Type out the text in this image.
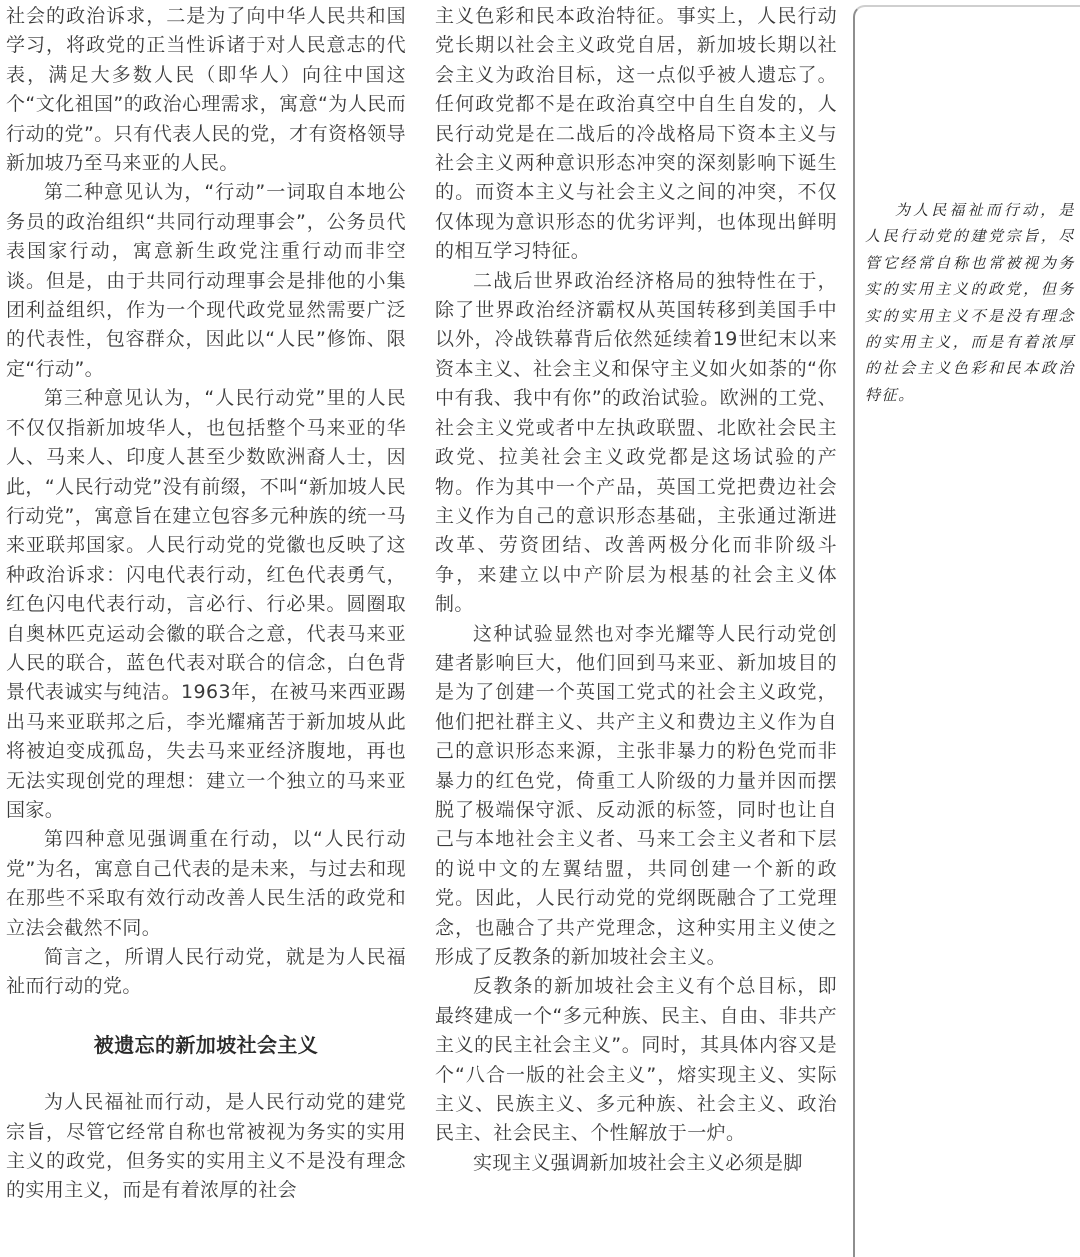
社会的政治诉求，二是为了向中华人民共和国学习，将政党的正当性诉诸于对人民意志的代表，满足大多数人民（即华人）向往中国这个“文化祖国”的政治心理需求，寓意“为人民而行动的党”。只有代表人民的党，才有资格领导新加坡乃至马来亚的人民。

第二种意见认为，“行动”一词取自本地公务员的政治组织“共同行动理事会”，公务员代表国家行动，寓意新生政党注重行动而非空谈。但是，由于共同行动理事会是排他的小集团利益组织，作为一个现代政党显然需要广泛的代表性，包容群众，因此以“人民”修饰、限定“行动”。

第三种意见认为，“人民行动党”里的人民不仅仅指新加坡华人，也包括整个马来亚的华人、马来人、印度人甚至少数欧洲裔人士，因此，“人民行动党”没有前缀，不叫“新加坡人民行动党”，寓意旨在建立包容多元种族的统一马来亚联邦国家。人民行动党的党徽也反映了这种政治诉求：闪电代表行动，红色代表勇气，红色闪电代表行动，言必行、行必果。圆圈取自奥林匹克运动会徽的联合之意，代表马来亚人民的联合，蓝色代表对联合的信念，白色背景代表诚实与纯洁。1963年，在被马来西亚踢出马来亚联邦之后，李光耀痛苦于新加坡从此将被迫变成孤岛，失去马来亚经济腹地，再也无法实现创党的理想：建立一个独立的马来亚国家。

第四种意见强调重在行动，以“人民行动党”为名，寓意自己代表的是未来，与过去和现在那些不采取有效行动改善人民生活的政党和立法会截然不同。

简言之，所谓人民行动党，就是为人民福祉而行动的党。

被遗忘的新加坡社会主义

为人民福祉而行动，是人民行动党的建党宗旨，尽管它经常自称也常被视为务实的实用主义的政党，但务实的实用主义不是没有理念的实用主义，而是有着浓厚的社会

主义色彩和民本政治特征。事实上，人民行动党长期以社会主义政党自居，新加坡长期以社会主义为政治目标，这一点似乎被人遗忘了。任何政党都不是在政治真空中自生自发的，人民行动党是在二战后的冷战格局下资本主义与社会主义两种意识形态冲突的深刻影响下诞生的。而资本主义与社会主义之间的冲突，不仅仅体现为意识形态的优劣评判，也体现出鲜明的相互学习特征。

二战后世界政治经济格局的独特性在于，除了世界政治经济霸权从英国转移到美国手中以外，冷战铁幕背后依然延续着19世纪末以来资本主义、社会主义和保守主义如火如荼的“你中有我、我中有你”的政治试验。欧洲的工党、社会主义党或者中左执政联盟、北欧社会民主政党、拉美社会主义政党都是这场试验的产物。作为其中一个产品，英国工党把费边社会主义作为自己的意识形态基础，主张通过渐进改革、劳资团结、改善两极分化而非阶级斗争，来建立以中产阶层为根基的社会主义体制。

这种试验显然也对李光耀等人民行动党创建者影响巨大，他们回到马来亚、新加坡目的是为了创建一个英国工党式的社会主义政党，他们把社群主义、共产主义和费边主义作为自己的意识形态来源，主张非暴力的粉色党而非暴力的红色党，倚重工人阶级的力量并因而摆脱了极端保守派、反动派的标签，同时也让自己与本地社会主义者、马来工会主义者和下层的说中文的左翼结盟，共同创建一个新的政党。因此，人民行动党的党纲既融合了工党理念，也融合了共产党理念，这种实用主义使之形成了反教条的新加坡社会主义。

反教条的新加坡社会主义有个总目标，即最终建成一个“多元种族、民主、自由、非共产主义的民主社会主义”。同时，其具体内容又是个“八合一版的社会主义”，熔实现主义、实际主义、民族主义、多元种族、社会主义、政治民主、社会民主、个性解放于一炉。

实现主义强调新加坡社会主义必须是脚

为人民福祉而行动，是人民行动党的建党宗旨，尽管它经常自称也常被视为务实的实用主义的政党，但务实的实用主义不是没有理念的实用主义，而是有着浓厚的社会主义色彩和民本政治特征。
